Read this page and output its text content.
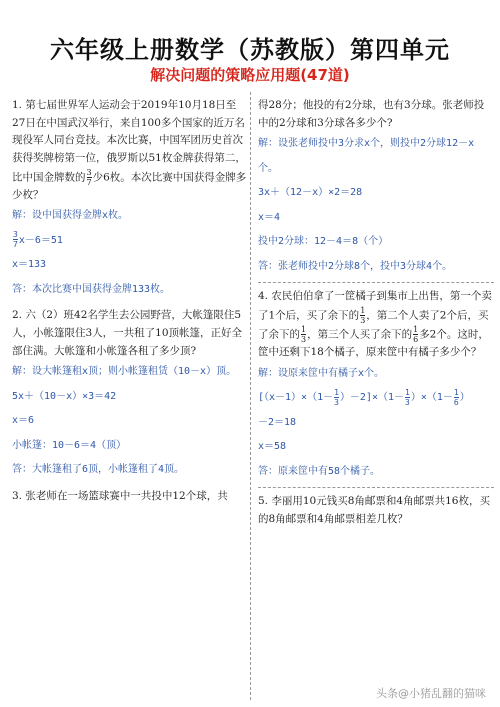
六年级上册数学（苏教版）第四单元
解决问题的策略应用题(47道)
1. 第七届世界军人运动会于2019年10月18日至27日在中国武汉举行，来自100多个国家的近万名现役军人同台竞技。本次比赛，中国军团历史首次获得奖牌榜第一位，俄罗斯以51枚金牌获得第二，比中国金牌数的 $\frac{3}{7}$ 少6枚。本次比赛中国获得金牌多少枚？
解：设中国获得金牌x枚。
$\frac{3}{7} x-6=51$
x＝133
答：本次比赛中国获得金牌133枚。
2. 六（2）班42名学生去公园野营，大帐篷限住5人，小帐篷限住3人，一共租了10顶帐篷，正好全部住满。大帐篷和小帐篷各租了多少顶?
解：设大帐篷租x顶；则小帐篷租赁（10－x）顶。
5x＋（10－x）×3＝42
x＝6
小帐篷：10－6＝4（顶）
答：大帐篷租了6顶，小帐篷租了4顶。
3. 张老师在一场篮球赛中一共投中12个球，共
得28分；他投的有2分球，也有3分球。张老师投中的2分球和3分球各多少个?
解：设张老师投中3分求x个，则投中2分球12－x个。
3x＋（12－x）×2＝28
x＝4
投中2分球：12－4＝8（个）
答：张老师投中2分球8个，投中3分球4个。
4. 农民伯伯拿了一筐橘子到集市上出售，第一个卖了1个后，买了余下的 $\frac{1}{3}$ ，第二个人卖了2个后，买了余下的 $\frac{1}{3}$ ，第三个人买了余下的 $\frac{1}{6}$ 多2个。这时，筐中还剩下18个橘子，原来筐中有橘子多少个？
解：设原来筐中有橘子x个。
$[(x-1)\times(1- \frac{1}{3} )-2]\times(1- \frac{1}{3} )\times(1- \frac{1}{6}$ ）
－2＝18
x＝58
答：原来筐中有58个橘子。
5. 李丽用10元钱买8角邮票和4角邮票共16枚，买的8角邮票和4角邮票相差几枚？
头条@小猪乱翻的猫咪
